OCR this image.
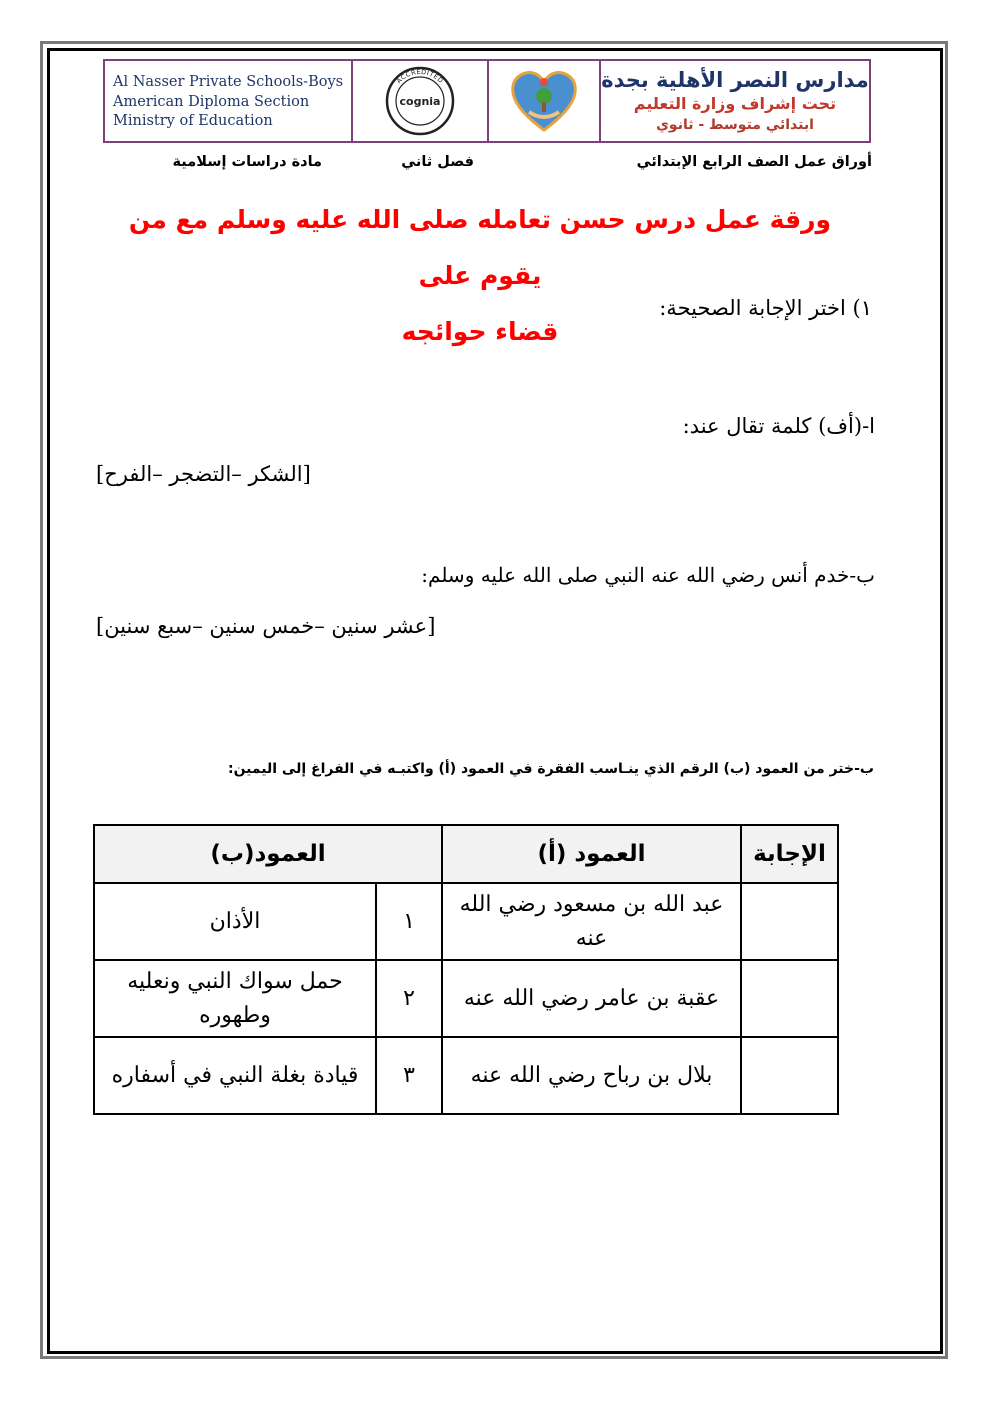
Al Nasser Private Schools-Boys
American Diploma Section
Ministry of Education
ACCREDITED
cognia
مدارس النصر الأهلية بجدة
تحت إشراف وزارة التعليم
ابتدائي متوسط - ثانوي
أوراق عمل الصف الرابع الإبتدائي
فصل ثاني
مادة دراسات إسلامية
ورقة عمل درس حسن تعامله صلى الله عليه وسلم مع من يقوم على
قضاء حوائجه
١) اختر الإجابة الصحيحة:
ا-(أف) كلمة تقال عند:
[الشكر –التضجر –الفرح]
ب-خدم أنس رضي الله عنه النبي صلى الله عليه وسلم:
[عشر سنين –خمس سنين –سبع سنين]
ب-ختر من العمود (ب) الرقم الذي ينـاسب الفقرة في العمود (أ) واكتبـه في الفراغ إلى اليمين:
الإجابة	العمود (أ)	العمود(ب)	
	عبد الله بن مسعود رضي الله عنه	١	الأذان
	عقبة بن عامر رضي الله عنه	٢	حمل سواك النبي ونعليه وطهوره
	بلال بن رباح رضي الله عنه	٣	قيادة بغلة النبي في أسفاره
